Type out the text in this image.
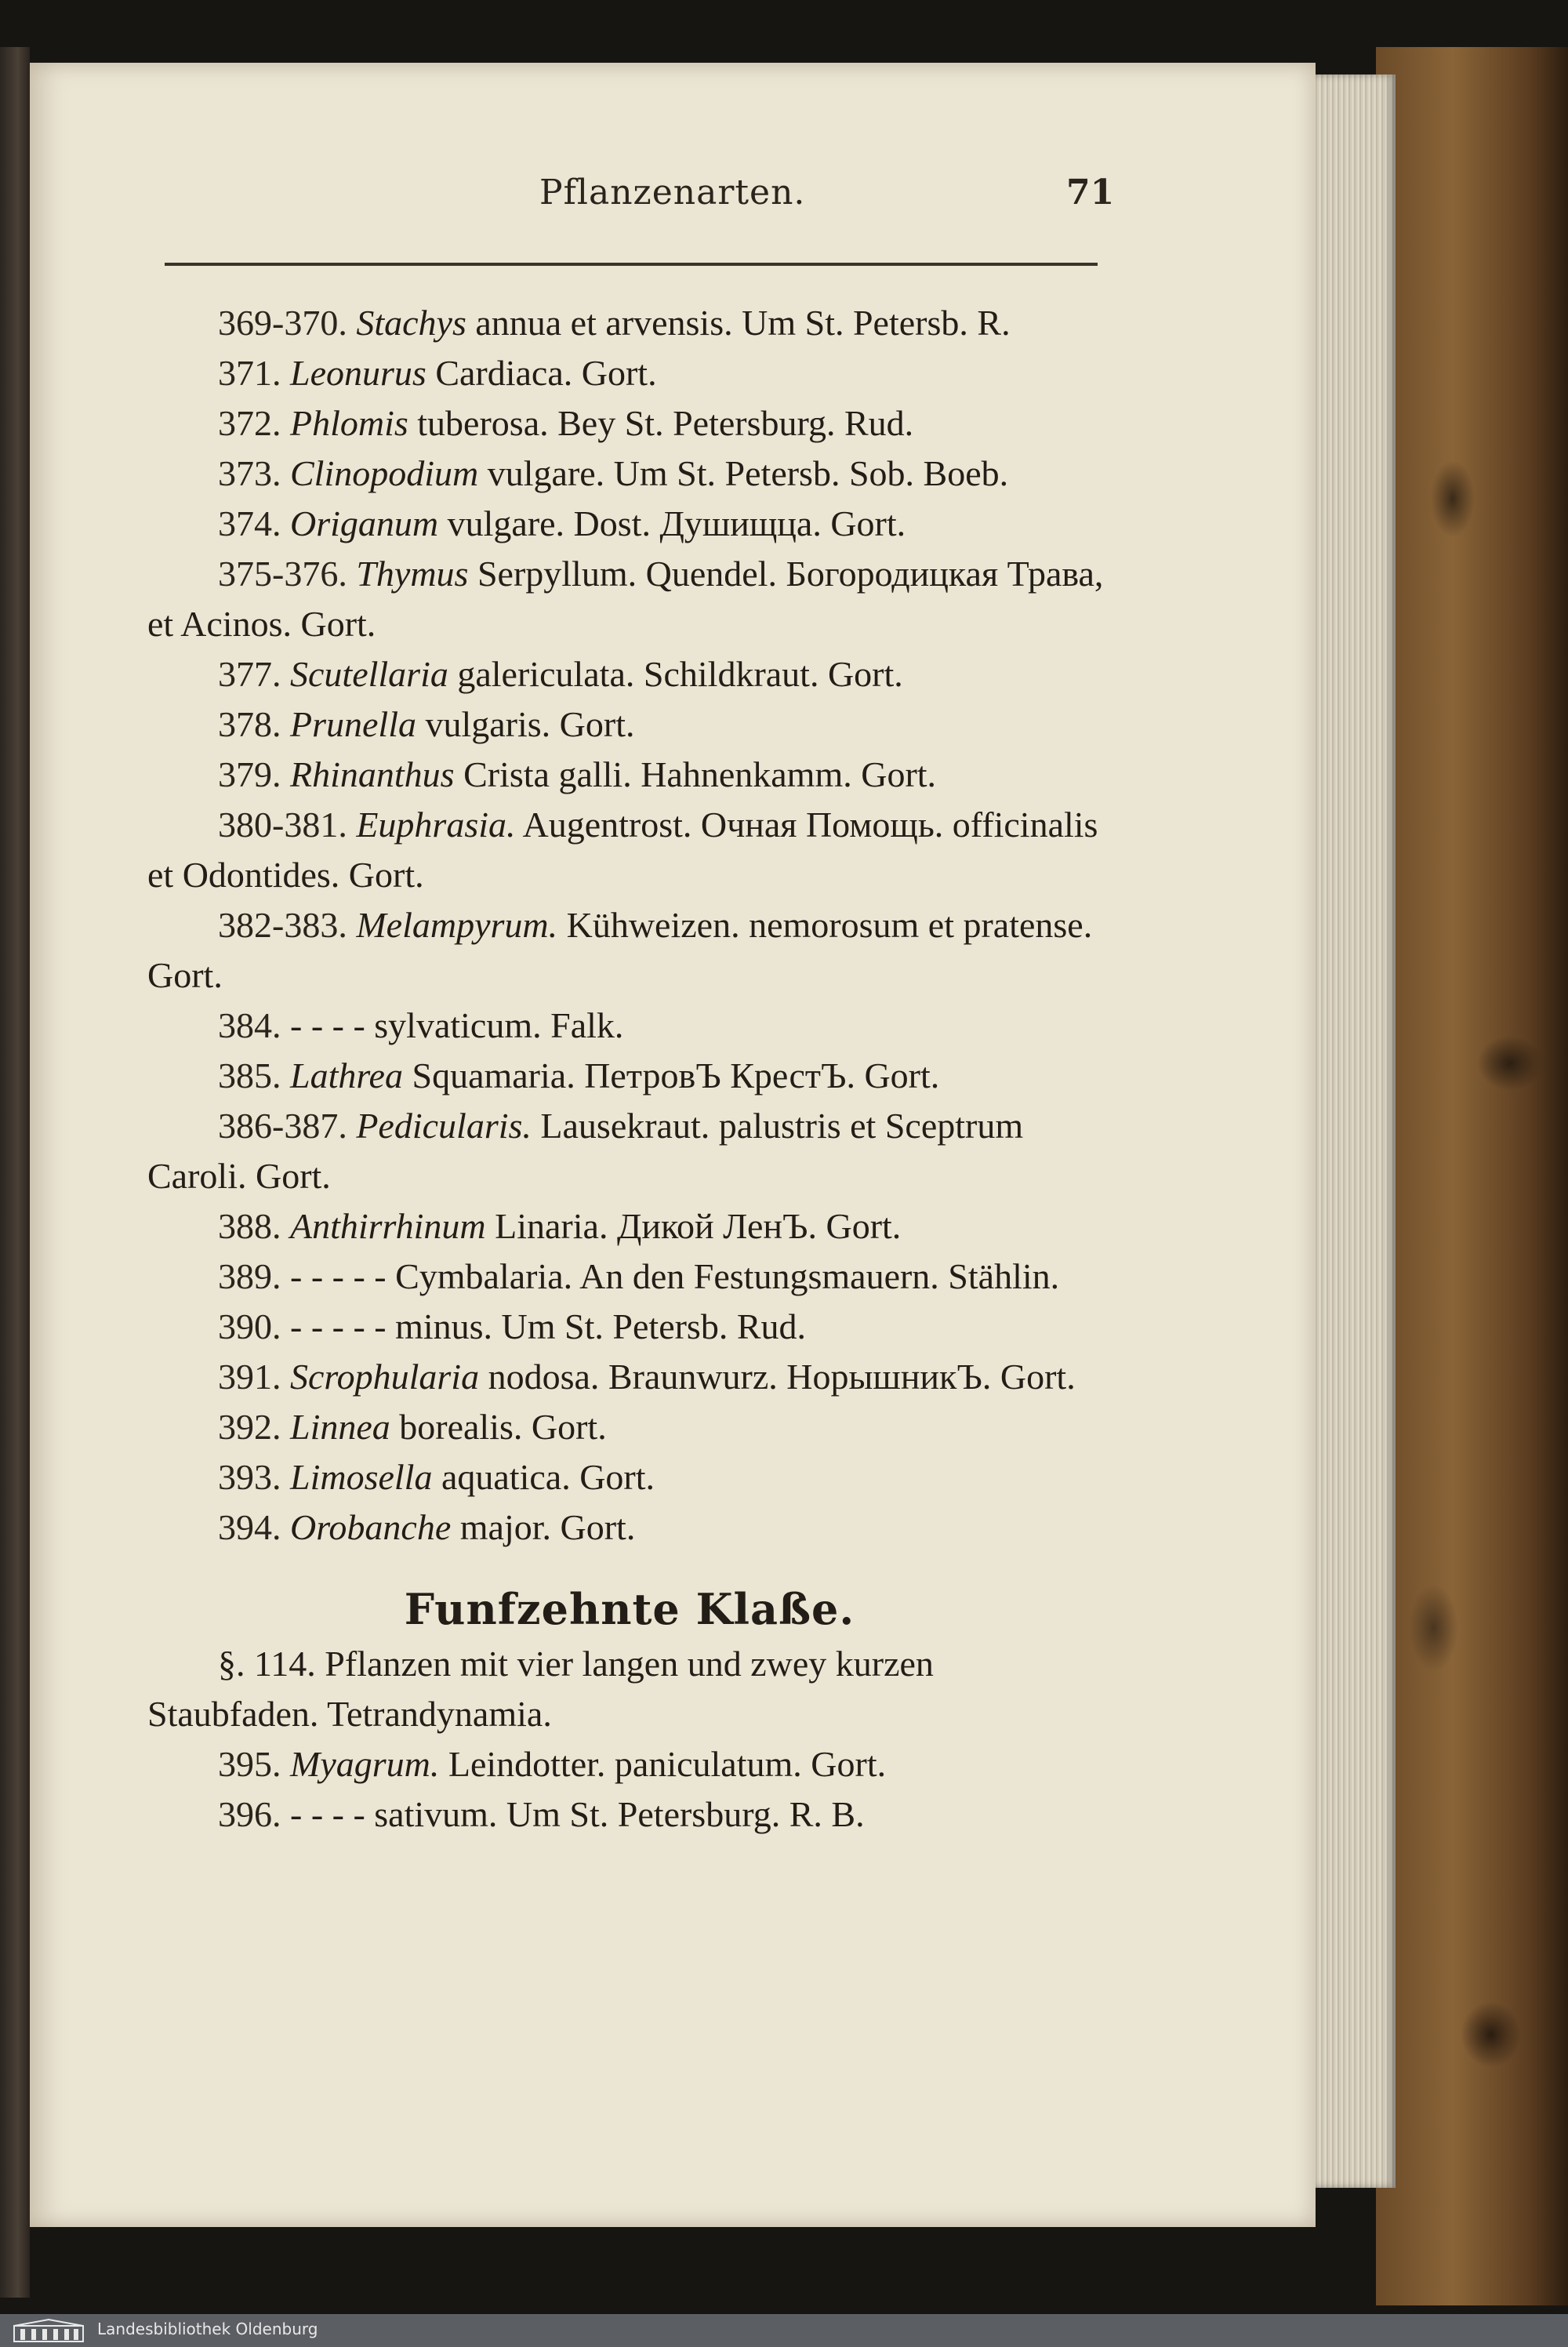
Pflanzenarten.	71

369-370. Stachys annua et arvensis. Um St. Petersb. R.

371. Leonurus Cardiaca. Gort.

372. Phlomis tuberosa. Bey St. Petersburg. Rud.

373. Clinopodium vulgare. Um St. Petersb. Sob. Boeb.

374. Origanum vulgare. Dost. Душищца. Gort.

375-376. Thymus Serpyllum. Quendel. Богородицкая Трава, et Acinos. Gort.

377. Scutellaria galericulata. Schildkraut. Gort.

378. Prunella vulgaris. Gort.

379. Rhinanthus Crista galli. Hahnenkamm. Gort.

380-381. Euphrasia. Augentrost. Очная Помощь. officinalis et Odontides. Gort.

382-383. Melampyrum. Kühweizen. nemorosum et pratense. Gort.

384. - - - - sylvaticum. Falk.

385. Lathrea Squamaria. ПетровЪ КрестЪ. Gort.

386-387. Pedicularis. Lausekraut. palustris et Sceptrum Caroli. Gort.

388. Anthirrhinum Linaria. Дикой ЛенЪ. Gort.

389. - - - - - Cymbalaria. An den Festungsmauern. Stählin.

390. - - - - - minus. Um St. Petersb. Rud.

391. Scrophularia nodosa. Braunwurz. НорышникЪ. Gort.

392. Linnea borealis. Gort.

393. Limosella aquatica. Gort.

394. Orobanche major. Gort.

Funfzehnte Klaße.

§. 114. Pflanzen mit vier langen und zwey kurzen Staubfaden. Tetrandynamia.

395. Myagrum. Leindotter. paniculatum. Gort.

396. - - - - sativum. Um St. Petersburg. R. B.

Landesbibliothek Oldenburg
